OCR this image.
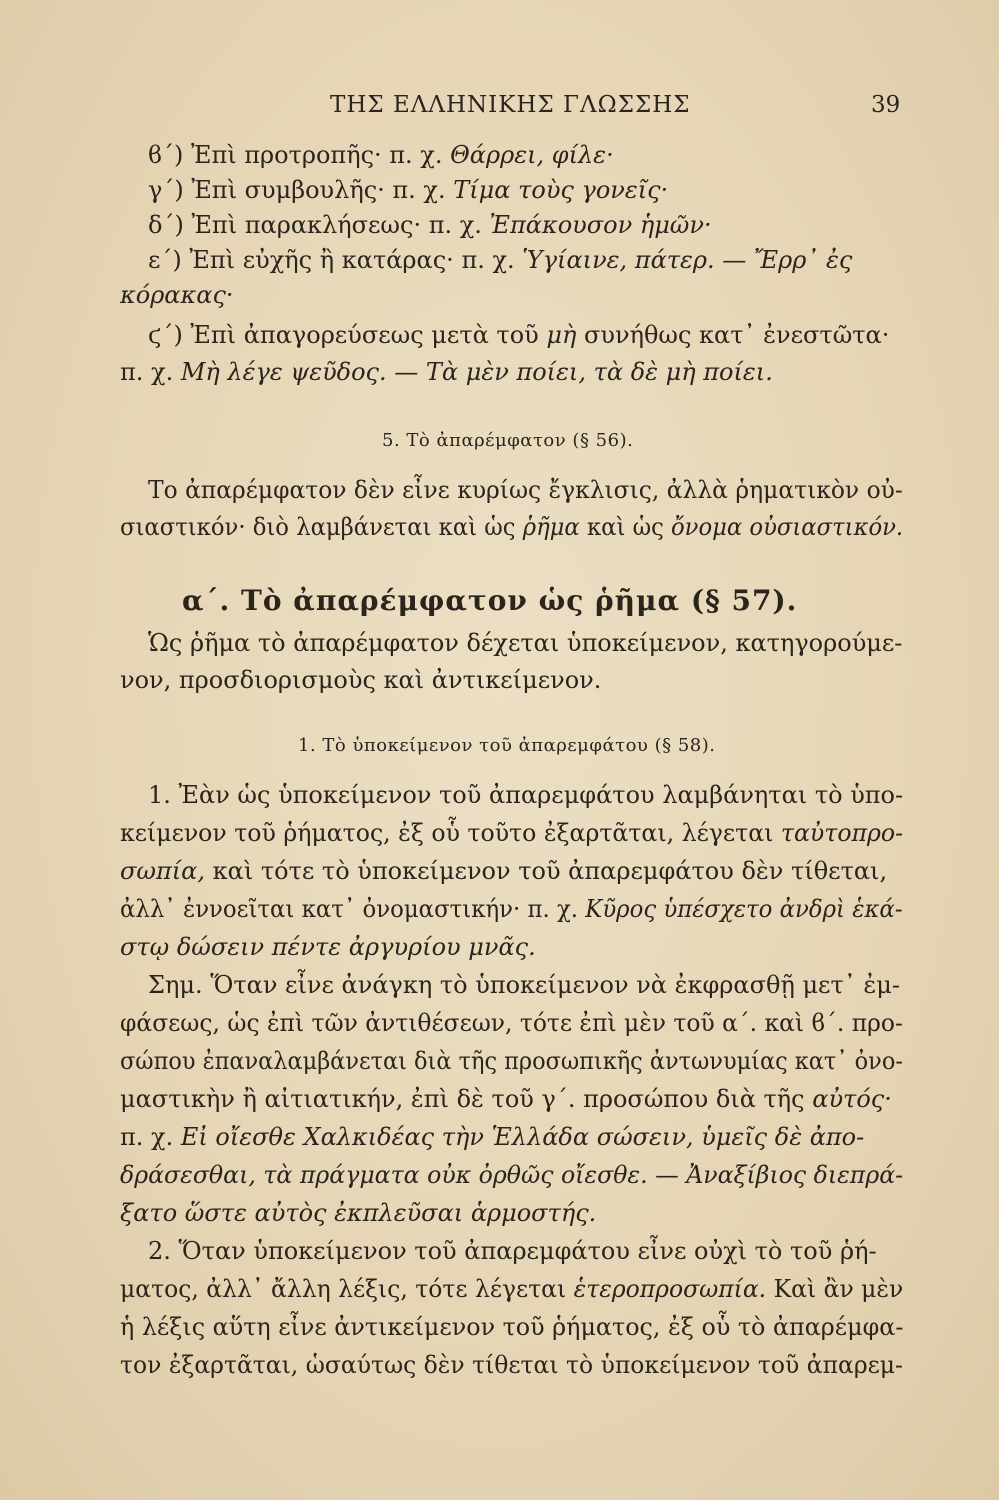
ΤΗΣ ΕΛΛΗΝΙΚΗΣ ΓΛΩΣΣΗΣ	39
ϐ΄) Ἐπὶ προτροπῆς· π. χ. Θάρρει, φίλε·
γ΄) Ἐπὶ συμβουλῆς· π. χ. Τίμα τοὺς γονεῖς·
δ΄) Ἐπὶ παρακλήσεως· π. χ. Ἐπάκουσον ἡμῶν·
ε΄) Ἐπὶ εὐχῆς ἢ κατάρας· π. χ. Ὑγίαινε, πάτερ. — Ἔρρ᾿ ἐς
κόρακας·
ϛ΄) Ἐπὶ ἀπαγορεύσεως μετὰ τοῦ μὴ συνήθως κατ᾿ ἐνεστῶτα·
π. χ. Μὴ λέγε ψεῦδος. — Τὰ μὲν ποίει, τὰ δὲ μὴ ποίει.
5. Τὸ ἀπαρέμφατον (§ 56).
Το ἀπαρέμφατον δὲν εἶνε κυρίως ἔγκλισις, ἀλλὰ ῥηματικὸν οὐ-
σιαστικόν· διὸ λαμβάνεται καὶ ὡς ῥῆμα καὶ ὡς ὄνομα οὐσιαστικόν.
α΄. Τὸ ἀπαρέμφατον ὡς ῥῆμα (§ 57).
Ὡς ῥῆμα τὸ ἀπαρέμφατον δέχεται ὑποκείμενον, κατηγορούμε-
νον, προσδιορισμοὺς καὶ ἀντικείμενον.
1. Τὸ ὑποκείμενον τοῦ ἀπαρεμφάτου (§ 58).
1. Ἐὰν ὡς ὑποκείμενον τοῦ ἀπαρεμφάτου λαμβάνηται τὸ ὑπο-
κείμενον τοῦ ῥήματος, ἐξ οὗ τοῦτο ἐξαρτᾶται, λέγεται ταὐτοπρο-
σωπία, καὶ τότε τὸ ὑποκείμενον τοῦ ἀπαρεμφάτου δὲν τίθεται,
ἀλλ᾿ ἐννοεῖται κατ᾿ ὀνομαστικήν· π. χ. Κῦρος ὑπέσχετο ἀνδρὶ ἑκά-
στῳ δώσειν πέντε ἀργυρίου μνᾶς.
Σημ. Ὅταν εἶνε ἀνάγκη τὸ ὑποκείμενον νὰ ἐκφρασθῇ μετ᾿ ἐμ-
φάσεως, ὡς ἐπὶ τῶν ἀντιθέσεων, τότε ἐπὶ μὲν τοῦ α΄. καὶ ϐ΄. προ-
σώπου ἐπαναλαμβάνεται διὰ τῆς προσωπικῆς ἀντωνυμίας κατ᾿ ὀνο-
μαστικὴν ἢ αἰτιατικήν, ἐπὶ δὲ τοῦ γ΄. προσώπου διὰ τῆς αὐτός·
π. χ. Εἰ οἴεσθε Χαλκιδέας τὴν Ἑλλάδα σώσειν, ὑμεῖς δὲ ἀπο-
δράσεσθαι, τὰ πράγματα οὐκ ὀρθῶς οἴεσθε. — Ἀναξίβιος διεπρά-
ξατο ὥστε αὐτὸς ἐκπλεῦσαι ἁρμοστής.
2. Ὅταν ὑποκείμενον τοῦ ἀπαρεμφάτου εἶνε οὐχὶ τὸ τοῦ ῥή-
ματος, ἀλλ᾿ ἄλλη λέξις, τότε λέγεται ἑτεροπροσωπία. Καὶ ἂν μὲν
ἡ λέξις αὕτη εἶνε ἀντικείμενον τοῦ ῥήματος, ἐξ οὗ τὸ ἀπαρέμφα-
τον ἐξαρτᾶται, ὡσαύτως δὲν τίθεται τὸ ὑποκείμενον τοῦ ἀπαρεμ-
